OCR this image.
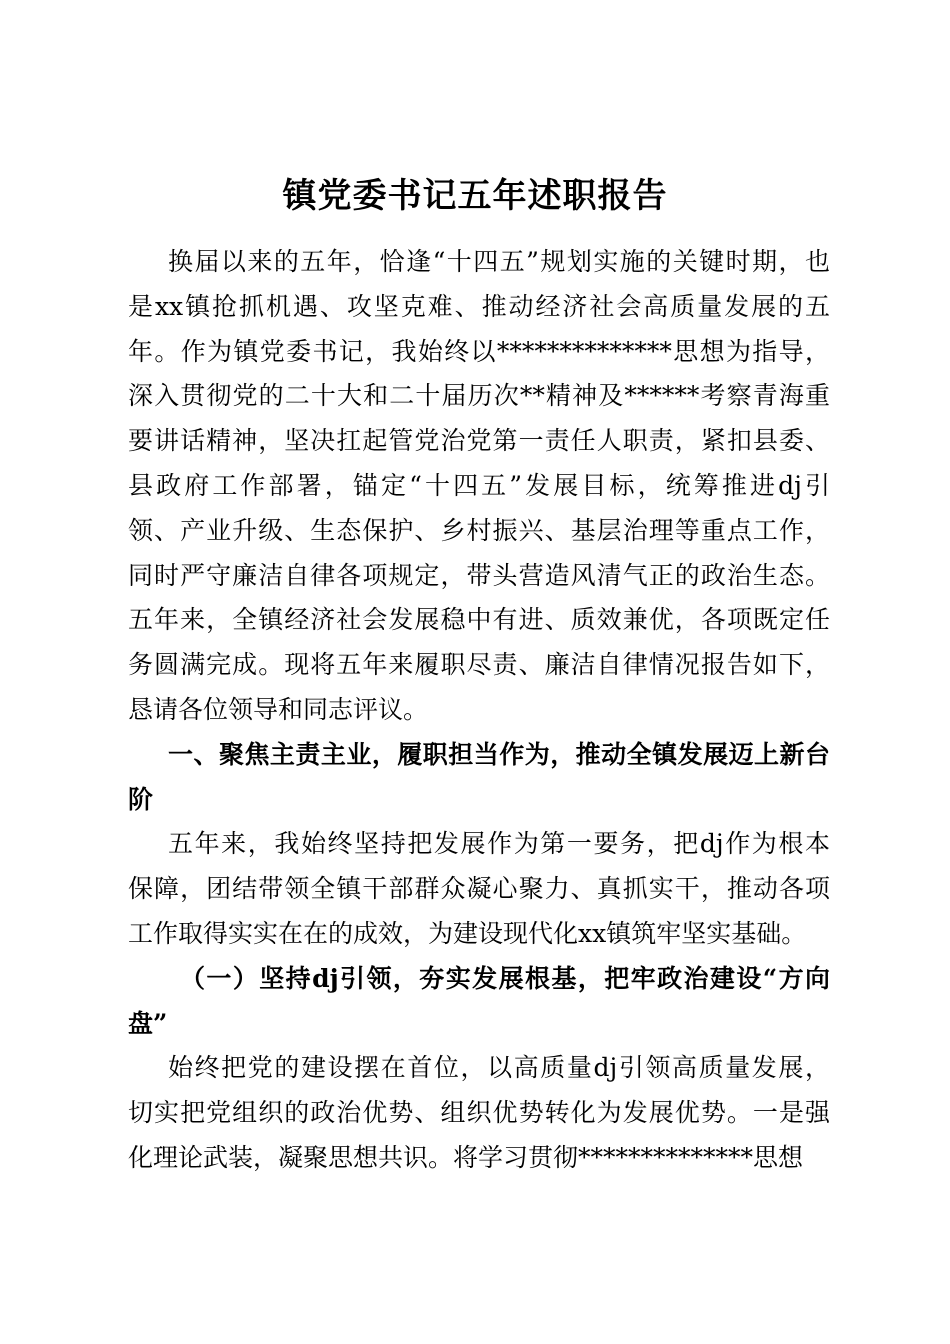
镇党委书记五年述职报告
换届以来的五年，恰逢“十四五”规划实施的关键时期，也
是xx镇抢抓机遇、攻坚克难、推动经济社会高质量发展的五
年。作为镇党委书记，我始终以**************思想为指导，
深入贯彻党的二十大和二十届历次**精神及******考察青海重
要讲话精神，坚决扛起管党治党第一责任人职责，紧扣县委、
县政府工作部署，锚定“十四五”发展目标，统筹推进dj引
领、产业升级、生态保护、乡村振兴、基层治理等重点工作，
同时严守廉洁自律各项规定，带头营造风清气正的政治生态。
五年来，全镇经济社会发展稳中有进、质效兼优，各项既定任
务圆满完成。现将五年来履职尽责、廉洁自律情况报告如下，
恳请各位领导和同志评议。
一、聚焦主责主业，履职担当作为，推动全镇发展迈上新台
阶
五年来，我始终坚持把发展作为第一要务，把dj作为根本
保障，团结带领全镇干部群众凝心聚力、真抓实干，推动各项
工作取得实实在在的成效，为建设现代化xx镇筑牢坚实基础。
（一）坚持dj引领，夯实发展根基，把牢政治建设“方向
盘”
始终把党的建设摆在首位，以高质量dj引领高质量发展，
切实把党组织的政治优势、组织优势转化为发展优势。一是强
化理论武装，凝聚思想共识。将学习贯彻**************思想
